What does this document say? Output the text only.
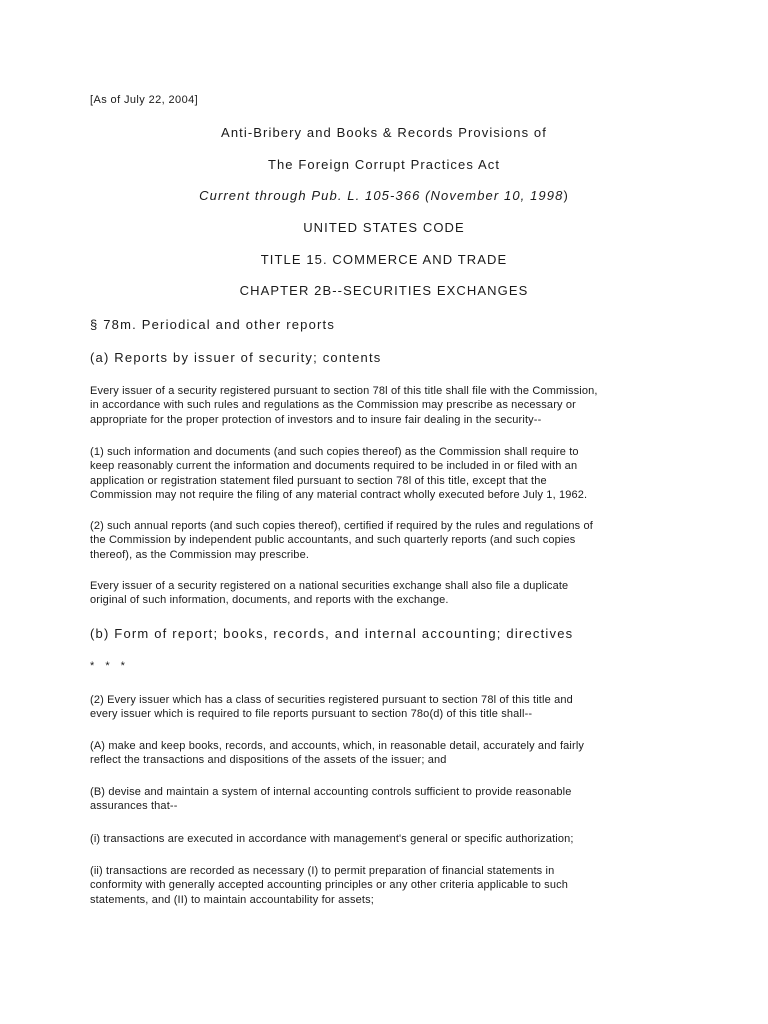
[As of July 22, 2004]
Anti-Bribery and Books & Records Provisions of
The Foreign Corrupt Practices Act
Current through Pub. L. 105-366 (November 10, 1998)
UNITED STATES CODE
TITLE 15. COMMERCE AND TRADE
CHAPTER 2B--SECURITIES EXCHANGES
§ 78m. Periodical and other reports
(a) Reports by issuer of security; contents
Every issuer of a security registered pursuant to section 78l of this title shall file with the Commission,
in accordance with such rules and regulations as the Commission may prescribe as necessary or
appropriate for the proper protection of investors and to insure fair dealing in the security--
(1) such information and documents (and such copies thereof) as the Commission shall require to
keep reasonably current the information and documents required to be included in or filed with an
application or registration statement filed pursuant to section 78l of this title, except that the
Commission may not require the filing of any material contract wholly executed before July 1, 1962.
(2) such annual reports (and such copies thereof), certified if required by the rules and regulations of
the Commission by independent public accountants, and such quarterly reports (and such copies
thereof), as the Commission may prescribe.
Every issuer of a security registered on a national securities exchange shall also file a duplicate
original of such information, documents, and reports with the exchange.
(b) Form of report; books, records, and internal accounting; directives
* * *
(2) Every issuer which has a class of securities registered pursuant to section 78l of this title and
every issuer which is required to file reports pursuant to section 78o(d) of this title shall--
(A) make and keep books, records, and accounts, which, in reasonable detail, accurately and fairly
reflect the transactions and dispositions of the assets of the issuer; and
(B) devise and maintain a system of internal accounting controls sufficient to provide reasonable
assurances that--
(i) transactions are executed in accordance with management's general or specific authorization;
(ii) transactions are recorded as necessary (I) to permit preparation of financial statements in
conformity with generally accepted accounting principles or any other criteria applicable to such
statements, and (II) to maintain accountability for assets;
